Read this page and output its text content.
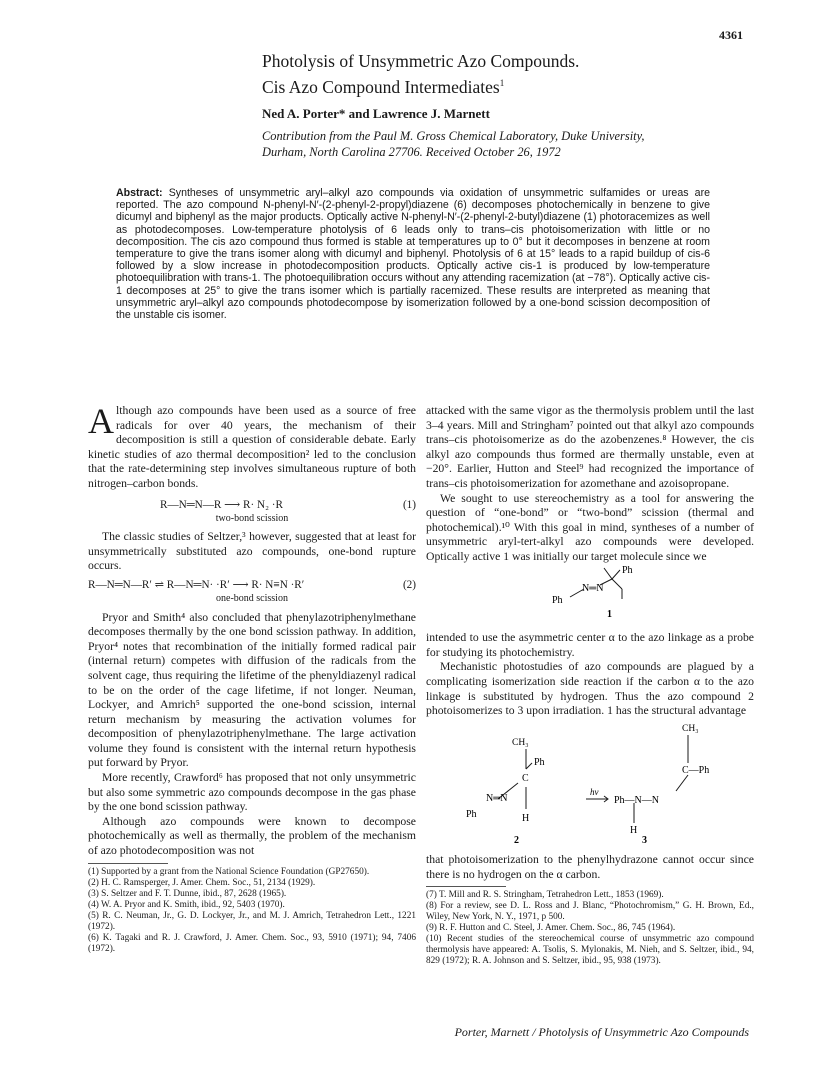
4361
Photolysis of Unsymmetric Azo Compounds.
Cis Azo Compound Intermediates$^1$
Ned A. Porter* and Lawrence J. Marnett
Contribution from the Paul M. Gross Chemical Laboratory, Duke University,
Durham, North Carolina 27706. Received October 26, 1972
Abstract: Syntheses of unsymmetric aryl–alkyl azo compounds via oxidation of unsymmetric sulfamides or ureas are reported. The azo compound N-phenyl-N′-(2-phenyl-2-propyl)diazene (6) decomposes photochemically in benzene to give dicumyl and biphenyl as the major products. Optically active N-phenyl-N′-(2-phenyl-2-butyl)diazene (1) photoracemizes as well as photodecomposes. Low-temperature photolysis of 6 leads only to trans–cis photoisomerization with little or no decomposition. The cis azo compound thus formed is stable at temperatures up to 0° but it decomposes in benzene at room temperature to give the trans isomer along with dicumyl and biphenyl. Photolysis of 6 at 15° leads to a rapid buildup of cis-6 followed by a slow increase in photodecomposition products. Optically active cis-1 is produced by low-temperature photoequilibration with trans-1. The photoequilibration occurs without any attending racemization (at −78°). Optically active cis-1 decomposes at 25° to give the trans isomer which is partially racemized. These results are interpreted as meaning that unsymmetric aryl–alkyl azo compounds photodecompose by isomerization followed by a one-bond scission decomposition of the unstable cis isomer.

Although azo compounds have been used as a source of free radicals for over 40 years, the mechanism of their decomposition is still a question of considerable debate. Early kinetic studies of azo thermal decomposition² led to the conclusion that the rate-determining step involves simultaneous rupture of both nitrogen–carbon bonds.

R—N═N—R ⟶ R· N₂ ·R	(1)
two-bond scission

The classic studies of Seltzer,³ however, suggested that at least for unsymmetrically substituted azo compounds, one-bond rupture occurs.

R—N═N—R′ ⇌ R—N═N· ·R′ ⟶ R· N≡N ·R′	(2)
one-bond scission

Pryor and Smith⁴ also concluded that phenylazotriphenylmethane decomposes thermally by the one bond scission pathway. In addition, Pryor⁴ notes that recombination of the initially formed radical pair (internal return) competes with diffusion of the radicals from the solvent cage, thus requiring the lifetime of the phenyldiazenyl radical to be on the order of the cage lifetime, if not longer. Neuman, Lockyer, and Amrich⁵ supported the one-bond scission, internal return mechanism by measuring the activation volumes for decomposition of phenylazotriphenylmethane. The large activation volume they found is consistent with the internal return hypothesis put forward by Pryor.

More recently, Crawford⁶ has proposed that not only unsymmetric but also some symmetric azo compounds decompose in the gas phase by the one bond scission pathway.

Although azo compounds were known to decompose photochemically as well as thermally, the problem of the mechanism of azo photodecomposition was not

(1) Supported by a grant from the National Science Foundation (GP27650).
(2) H. C. Ramsperger, J. Amer. Chem. Soc., 51, 2134 (1929).
(3) S. Seltzer and F. T. Dunne, ibid., 87, 2628 (1965).
(4) W. A. Pryor and K. Smith, ibid., 92, 5403 (1970).
(5) R. C. Neuman, Jr., G. D. Lockyer, Jr., and M. J. Amrich, Tetrahedron Lett., 1221 (1972).
(6) K. Tagaki and R. J. Crawford, J. Amer. Chem. Soc., 93, 5910 (1971); 94, 7406 (1972).

attacked with the same vigor as the thermolysis problem until the last 3–4 years. Mill and Stringham⁷ pointed out that alkyl azo compounds trans–cis photoisomerize as do the azobenzenes.⁸ However, the cis alkyl azo compounds thus formed are thermally unstable, even at −20°. Earlier, Hutton and Steel⁹ had recognized the importance of trans–cis photoisomerization for azomethane and azoisopropane.

We sought to use stereochemistry as a tool for answering the question of “one-bond” or “two-bond” scission (thermal and photochemical).¹⁰ With this goal in mind, syntheses of a number of unsymmetric aryl-tert-alkyl azo compounds were developed. Optically active 1 was initially our target molecule since we

Ph
N═N
Ph
1

intended to use the asymmetric center α to the azo linkage as a probe for studying its photochemistry.

Mechanistic photostudies of azo compounds are plagued by a complicating isomerization side reaction if the carbon α to the azo linkage is substituted by hydrogen. Thus the azo compound 2 photoisomerizes to 3 upon irradiation. 1 has the structural advantage

CH₃
Ph
C
H
N═N
Ph
hν
Ph—N—N
H
CH₃
C—Ph
2	3

that photoisomerization to the phenylhydrazone cannot occur since there is no hydrogen on the α carbon.

(7) T. Mill and R. S. Stringham, Tetrahedron Lett., 1853 (1969).
(8) For a review, see D. L. Ross and J. Blanc, “Photochromism,” G. H. Brown, Ed., Wiley, New York, N. Y., 1971, p 500.
(9) R. F. Hutton and C. Steel, J. Amer. Chem. Soc., 86, 745 (1964).
(10) Recent studies of the stereochemical course of unsymmetric azo compound thermolysis have appeared: A. Tsolis, S. Mylonakis, M. Nieh, and S. Seltzer, ibid., 94, 829 (1972); R. A. Johnson and S. Seltzer, ibid., 95, 938 (1973).
Porter, Marnett / Photolysis of Unsymmetric Azo Compounds
